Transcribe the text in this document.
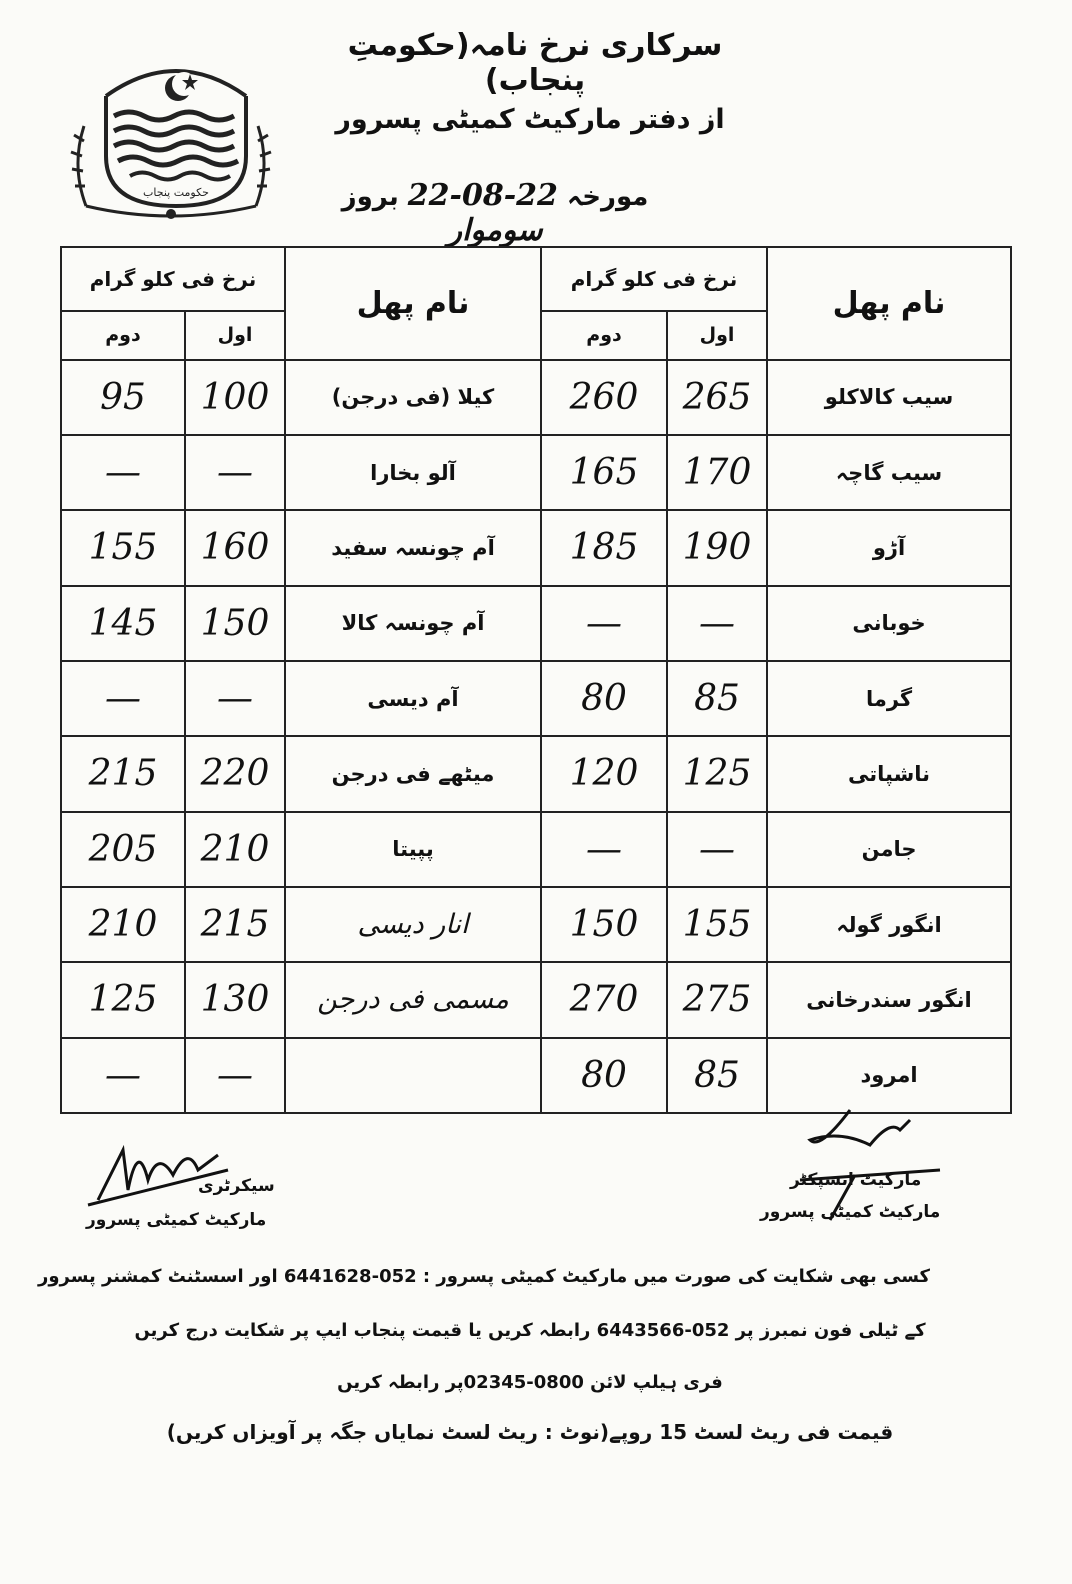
حکومت پنجاب
سرکاری نرخ نامہ(حکومتِ پنجاب)
از دفتر مارکیٹ کمیٹی پسرور
مورخہ 22-08-22 بروز سوموار
نرخ فی کلو گرام		نام پھل	نرخ فی کلو گرام		نام پھل
دوم	اول		دوم	اول	
95	100	کیلا (فی درجن)	260	265	سیب کالاکلو
—	—	آلو بخارا	165	170	سیب گاچہ
155	160	آم چونسہ سفید	185	190	آڑو
145	150	آم چونسہ کالا	—	—	خوبانی
—	—	آم دیسی	80	85	گرما
215	220	میٹھے فی درجن	120	125	ناشپاتی
205	210	پپیتا	—	—	جامن
210	215	انار دیسی	150	155	انگور گولہ
125	130	مسمی فی درجن	270	275	انگور سندرخانی
—	—		80	85	امرود
سیکرٹری
مارکیٹ کمیٹی پسرور
مارکیٹ انسپکٹر
مارکیٹ کمیٹی پسرور
کسی بھی شکایت کی صورت میں مارکیٹ کمیٹی پسرور : 052-6441628 اور اسسٹنٹ کمشنر پسرور
کے ٹیلی فون نمبرز پر 052-6443566 رابطہ کریں یا قیمت پنجاب ایپ پر شکایت درج کریں
فری ہیلپ لائن 0800-02345پر رابطہ کریں
قیمت فی ریٹ لسٹ 15 روپے(نوٹ : ریٹ لسٹ نمایاں جگہ پر آویزاں کریں)
